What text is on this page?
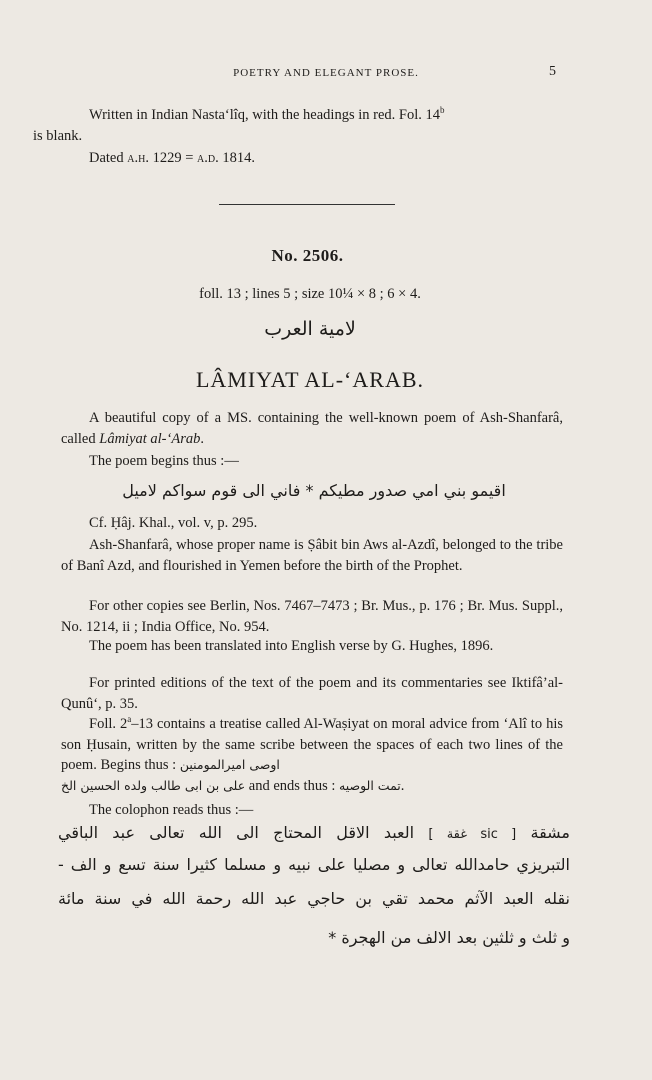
POETRY AND ELEGANT PROSE.	5

Written in Indian Nasta‘lîq, with the headings in red. Fol. 14$^b$
is blank.

Dated a.h. 1229 = a.d. 1814.

No. 2506.
foll. 13 ; lines 5 ; size 10¼ × 8 ; 6 × 4.
لامية العرب
LÂMIYAT AL-‘ARAB.

A beautiful copy of a MS. containing the well-known poem of Ash-Shanfarâ, called Lâmiyat al-‘Arab.

The poem begins thus :—

اقيمو بني امي صدور مطيكم * فاني الى قوم سواكم لاميل

Cf. Ḥâj. Khal., vol. v, p. 295.

Ash-Shanfarâ, whose proper name is Ṣâbit bin Aws al-Azdî, belonged to the tribe of Banî Azd, and flourished in Yemen before the birth of the Prophet.

For other copies see Berlin, Nos. 7467–7473 ; Br. Mus., p. 176 ; Br. Mus. Suppl., No. 1214, ii ; India Office, No. 954.

The poem has been translated into English verse by G. Hughes, 1896.

For printed editions of the text of the poem and its commentaries see Iktifâ’al-Qunû‘, p. 35.

Foll. 2$^a$–13 contains a treatise called Al-Waṣiyat on moral advice from ‘Alî to his son Ḥusain, written by the same scribe between the spaces of each two lines of the poem. Begins thus : اوصی امیرالمومنین

علی بن ابی طالب ولده الحسین الخ and ends thus : تمت الوصیه.

The colophon reads thus :—

مشقة [ sic غقة ] العبد الاقل المحتاج الى الله تعالى عبد الباقي
التبريزي حامدالله تعالى و مصليا على نبيه و مسلما كثيرا سنة تسع و الف -
نقله العبد الآثم محمد تقي بن حاجي عبد الله رحمة الله في سنة مائة
و ثلث و ثلثين بعد الالف من الهجرة *
